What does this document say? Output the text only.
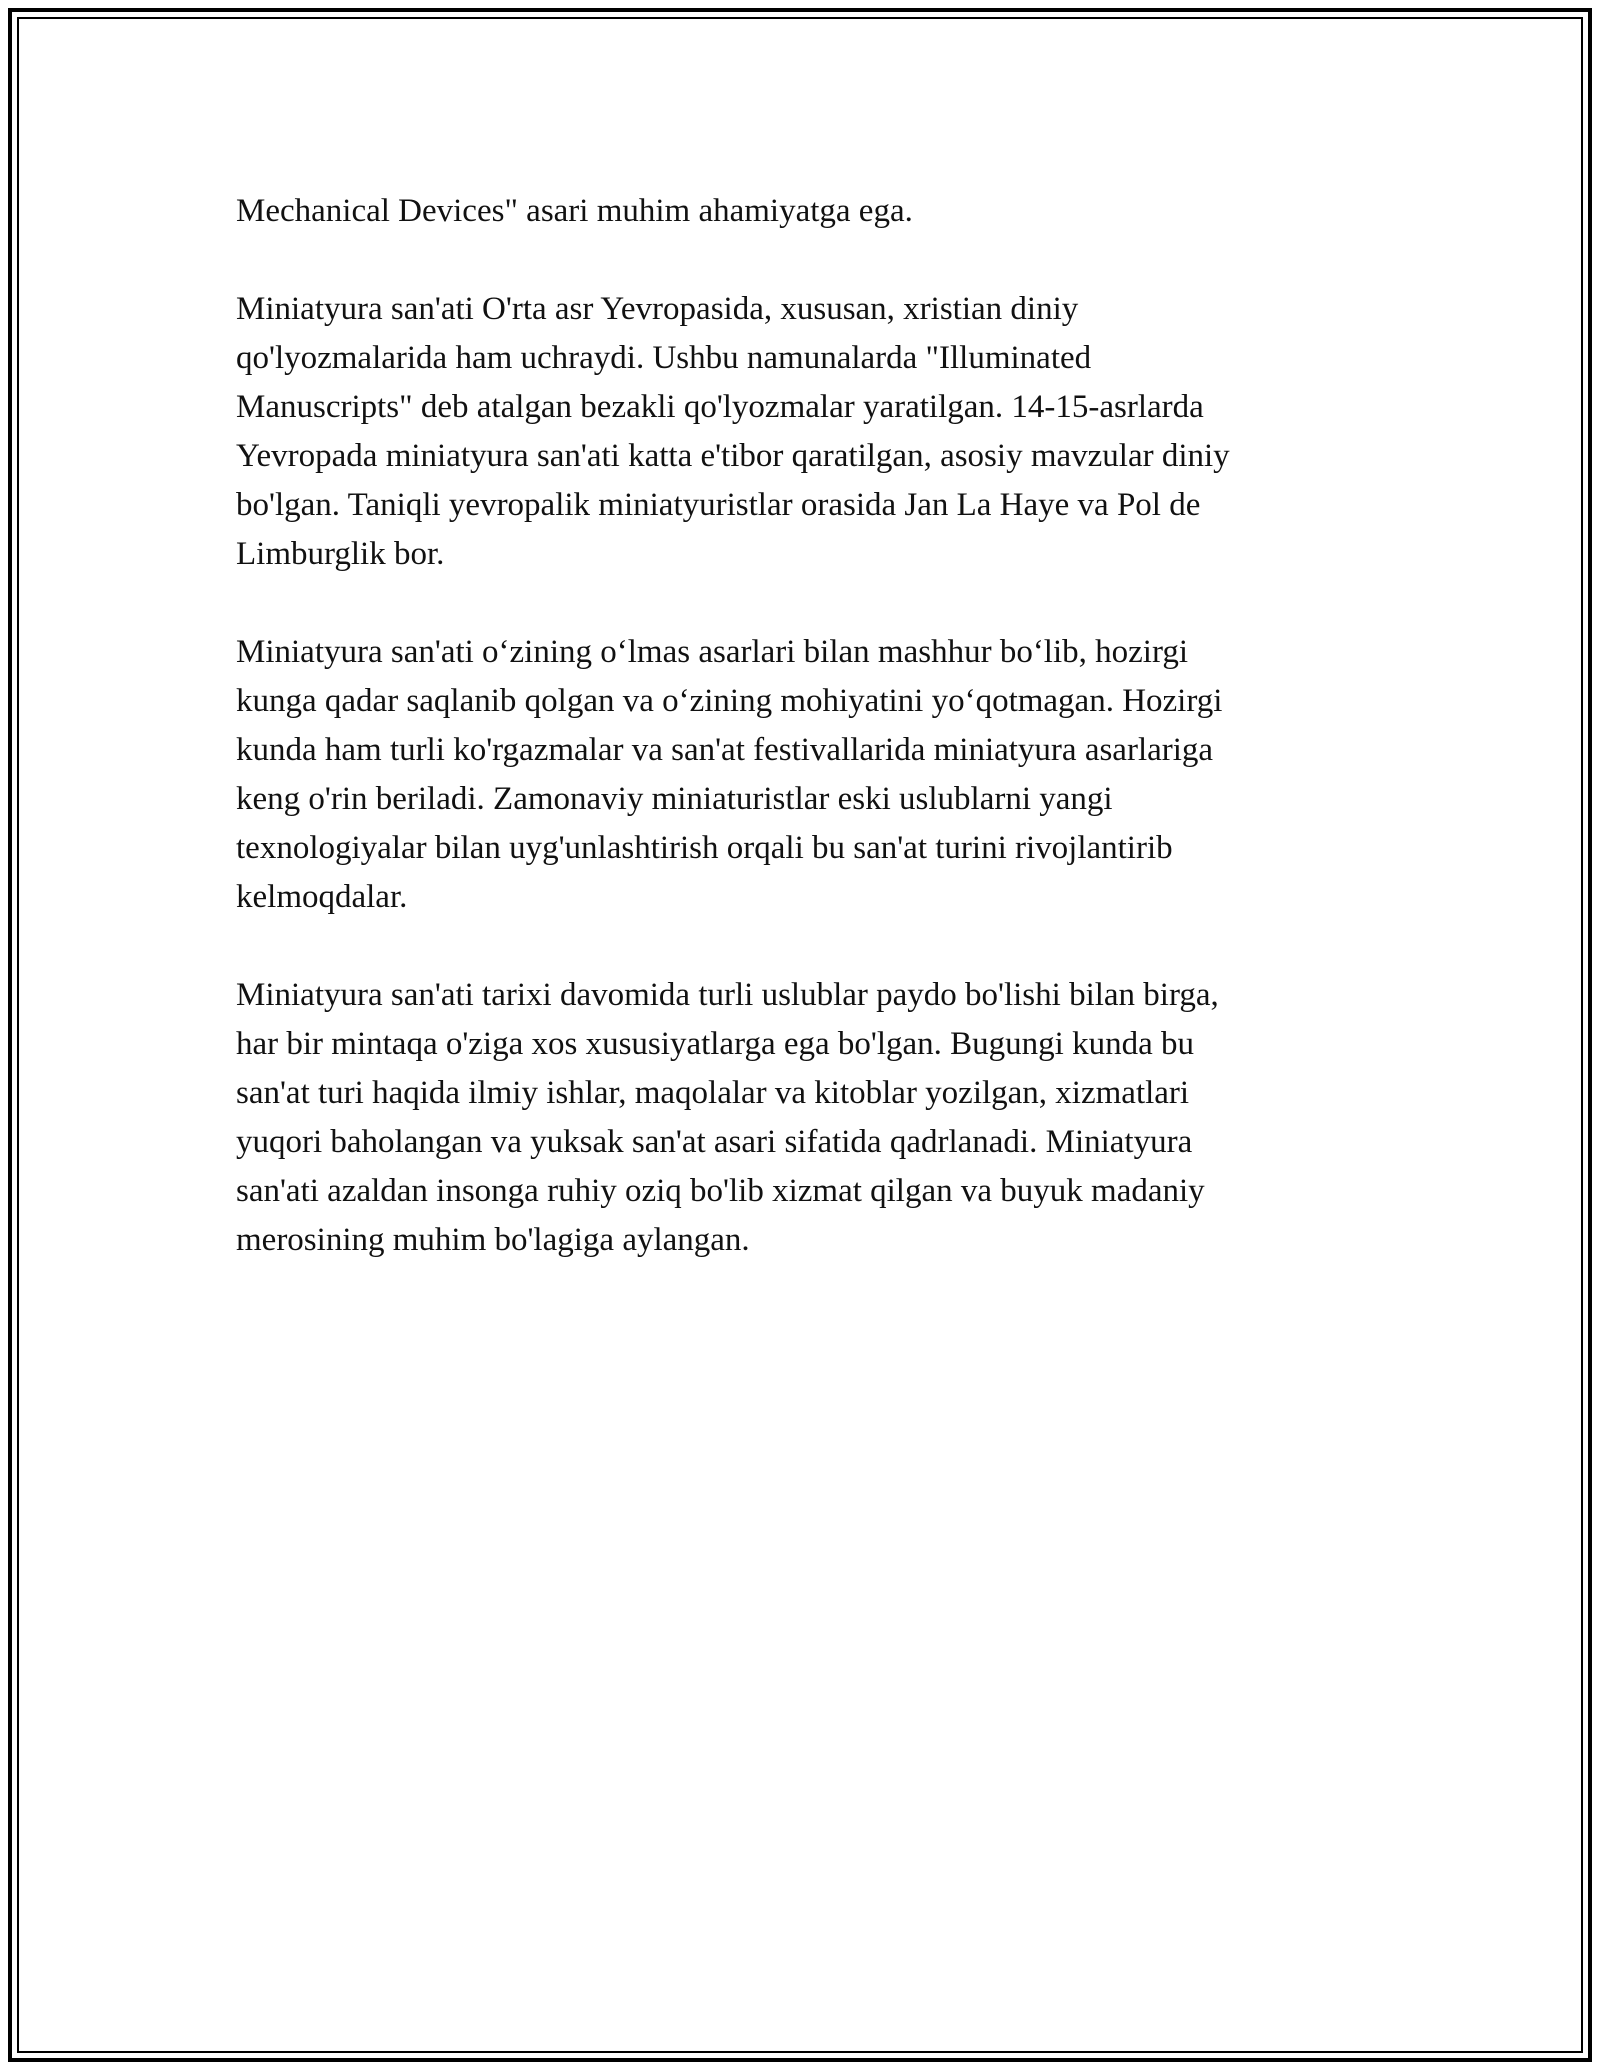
Mechanical Devices" asari muhim ahamiyatga ega.

Miniatyura san'ati O'rta asr Yevropasida, xususan, xristian diniy
qo'lyozmalarida ham uchraydi. Ushbu namunalarda "Illuminated
Manuscripts" deb atalgan bezakli qo'lyozmalar yaratilgan. 14-15-asrlarda
Yevropada miniatyura san'ati katta e'tibor qaratilgan, asosiy mavzular diniy
bo'lgan. Taniqli yevropalik miniatyuristlar orasida Jan La Haye va Pol de
Limburglik bor.

Miniatyura san'ati o‘zining o‘lmas asarlari bilan mashhur bo‘lib, hozirgi
kunga qadar saqlanib qolgan va o‘zining mohiyatini yo‘qotmagan. Hozirgi
kunda ham turli ko'rgazmalar va san'at festivallarida miniatyura asarlariga
keng o'rin beriladi. Zamonaviy miniaturistlar eski uslublarni yangi
texnologiyalar bilan uyg'unlashtirish orqali bu san'at turini rivojlantirib
kelmoqdalar.

Miniatyura san'ati tarixi davomida turli uslublar paydo bo'lishi bilan birga,
har bir mintaqa o'ziga xos xususiyatlarga ega bo'lgan. Bugungi kunda bu
san'at turi haqida ilmiy ishlar, maqolalar va kitoblar yozilgan, xizmatlari
yuqori baholangan va yuksak san'at asari sifatida qadrlanadi. Miniatyura
san'ati azaldan insonga ruhiy oziq bo'lib xizmat qilgan va buyuk madaniy
merosining muhim bo'lagiga aylangan.
